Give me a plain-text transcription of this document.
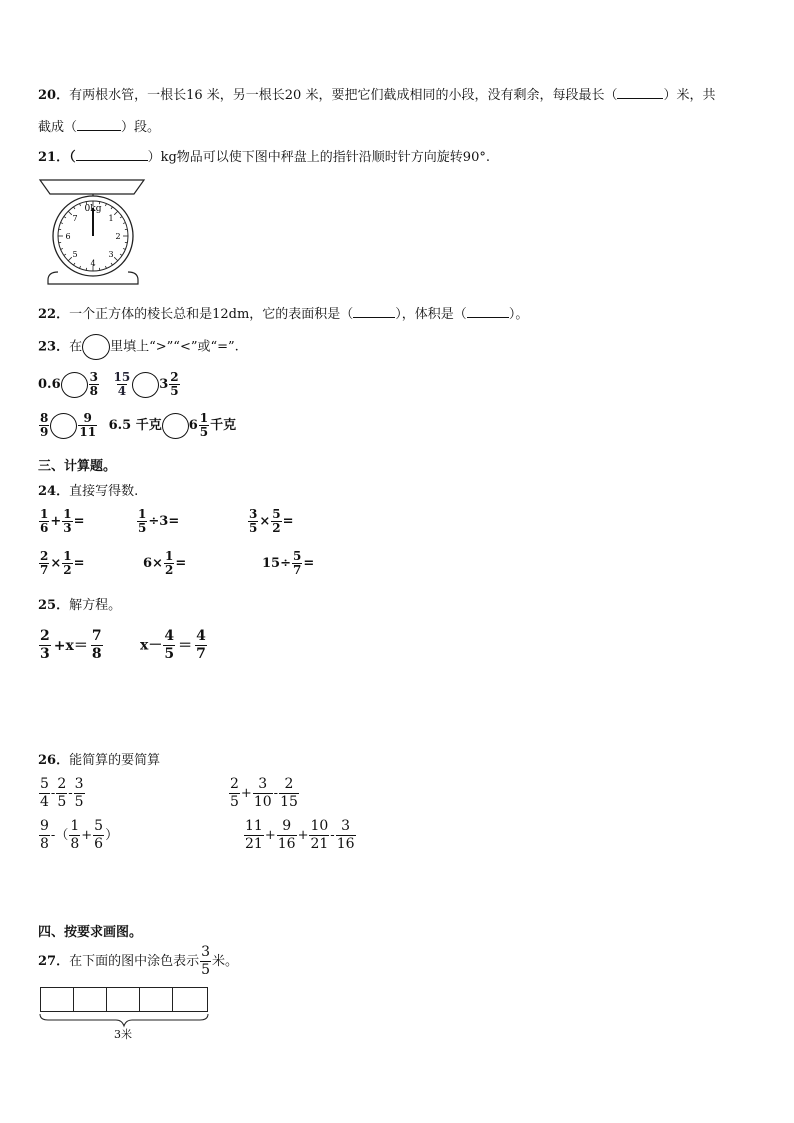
20．有两根水管，一根长16 米，另一根长20 米，要把它们截成相同的小段，没有剩余，每段最长（	）米，共
截成（	）段。
21．（	）kg物品可以使下图中秤盘上的指针沿顺时针方向旋转90°.
0kg
1
2
3
4
5
6
7
22．一个正方体的棱长总和是12dm，它的表面积是（	），体积是（	）。
23．在 里填上“>”“<”或“=”.
$0.6 \frac{3}{8}$
$\frac{15}{4} 3 \frac{2}{5}$
$\frac{8}{9} \frac{9}{11} 6.5$ 千克 $6 \frac{1}{5}$ 千克
三、计算题。
24．直接写得数.
$\frac{1}{6} + \frac{1}{3}$ =	$\frac{1}{5} \div 3=$	$\frac{3}{5} \times \frac{5}{2}$ =
$\frac{2}{7} \times \frac{1}{2}$ =	$6\times \frac{1}{2}$ =	$15\div \frac{5}{7}$ =
25．解方程。
$\frac{2}{3} +x= \frac{7}{8}$	$x- \frac{4}{5} = \frac{4}{7}$
26．能简算的要简算
$\frac{5}{4} - \frac{2}{5} - \frac{3}{5}$	$\frac{2}{5} + \frac{3}{10} - \frac{2}{15}$
$\frac{9}{8}$ -（ $\frac{1}{8} + \frac{5}{6}$ ）	$\frac{11}{21} + \frac{9}{16} + \frac{10}{21} - \frac{3}{16}$
四、按要求画图。
27．在下面的图中涂色表示 $\frac{3}{5}$ 米。
3米
